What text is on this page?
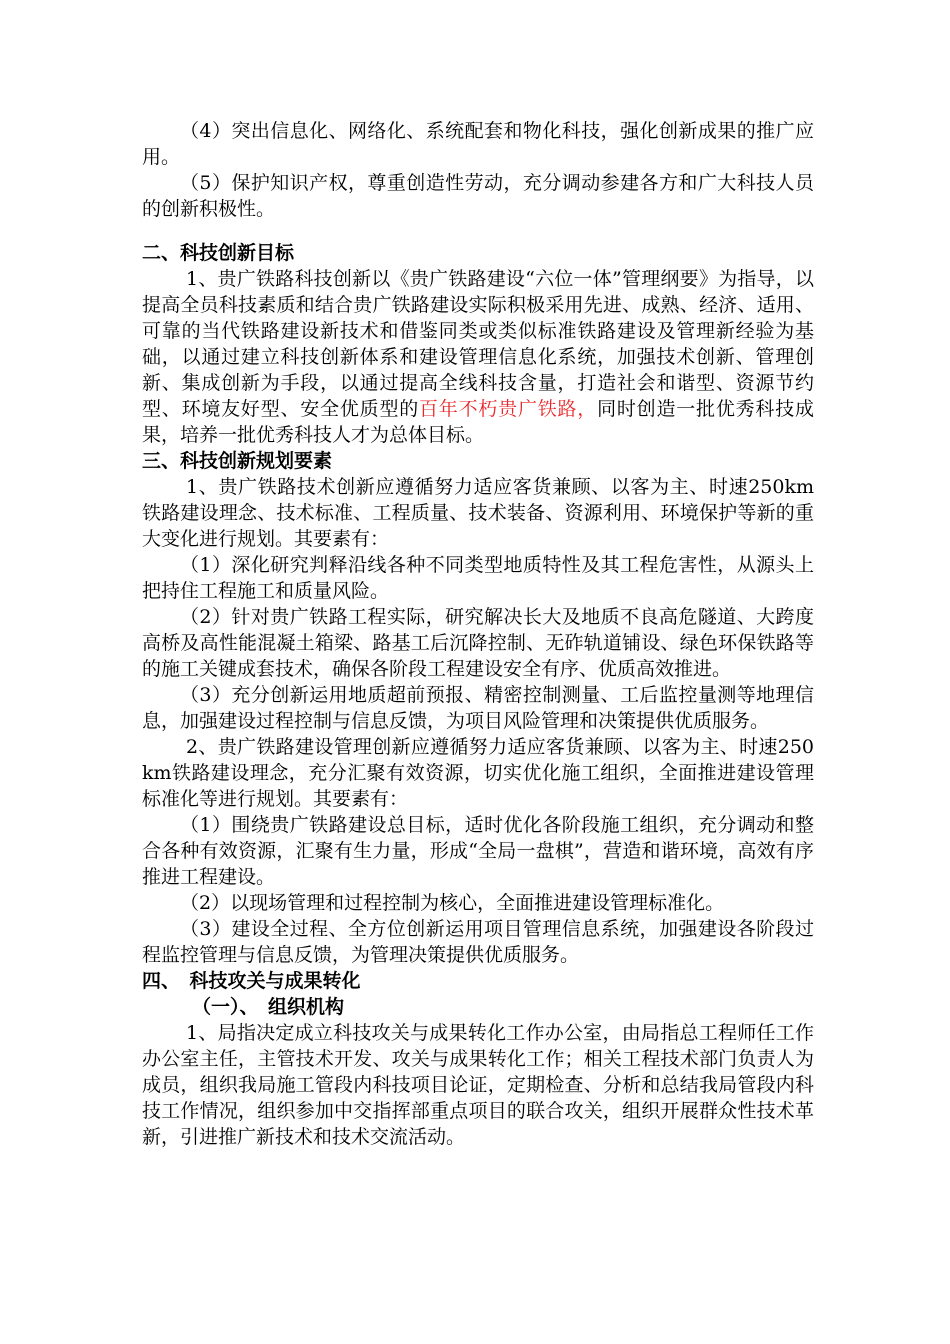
（4）突出信息化、网络化、系统配套和物化科技，强化创新成果的推广应用。

（5）保护知识产权，尊重创造性劳动，充分调动参建各方和广大科技人员的创新积极性。

二、科技创新目标

1、贵广铁路科技创新以《贵广铁路建设“六位一体”管理纲要》为指导，以提高全员科技素质和结合贵广铁路建设实际积极采用先进、成熟、经济、适用、可靠的当代铁路建设新技术和借鉴同类或类似标准铁路建设及管理新经验为基础，以通过建立科技创新体系和建设管理信息化系统，加强技术创新、管理创新、集成创新为手段，以通过提高全线科技含量，打造社会和谐型、资源节约型、环境友好型、安全优质型的百年不朽贵广铁路，同时创造一批优秀科技成果，培养一批优秀科技人才为总体目标。

三、科技创新规划要素

1、贵广铁路技术创新应遵循努力适应客货兼顾、以客为主、时速250km铁路建设理念、技术标准、工程质量、技术装备、资源利用、环境保护等新的重大变化进行规划。其要素有：

（1）深化研究判释沿线各种不同类型地质特性及其工程危害性，从源头上把持住工程施工和质量风险。

（2）针对贵广铁路工程实际，研究解决长大及地质不良高危隧道、大跨度高桥及高性能混凝土箱梁、路基工后沉降控制、无砟轨道铺设、绿色环保铁路等的施工关键成套技术，确保各阶段工程建设安全有序、优质高效推进。

（3）充分创新运用地质超前预报、精密控制测量、工后监控量测等地理信息，加强建设过程控制与信息反馈，为项目风险管理和决策提供优质服务。

2、贵广铁路建设管理创新应遵循努力适应客货兼顾、以客为主、时速250km铁路建设理念，充分汇聚有效资源，切实优化施工组织，全面推进建设管理标准化等进行规划。其要素有：

（1）围绕贵广铁路建设总目标，适时优化各阶段施工组织，充分调动和整合各种有效资源，汇聚有生力量，形成“全局一盘棋”，营造和谐环境，高效有序推进工程建设。

（2）以现场管理和过程控制为核心，全面推进建设管理标准化。

（3）建设全过程、全方位创新运用项目管理信息系统，加强建设各阶段过程监控管理与信息反馈，为管理决策提供优质服务。

四、　科技攻关与成果转化
（一）、　组织机构

1、局指决定成立科技攻关与成果转化工作办公室，由局指总工程师任工作办公室主任，主管技术开发、攻关与成果转化工作；相关工程技术部门负责人为成员，组织我局施工管段内科技项目论证，定期检查、分析和总结我局管段内科技工作情况，组织参加中交指挥部重点项目的联合攻关，组织开展群众性技术革新，引进推广新技术和技术交流活动。
